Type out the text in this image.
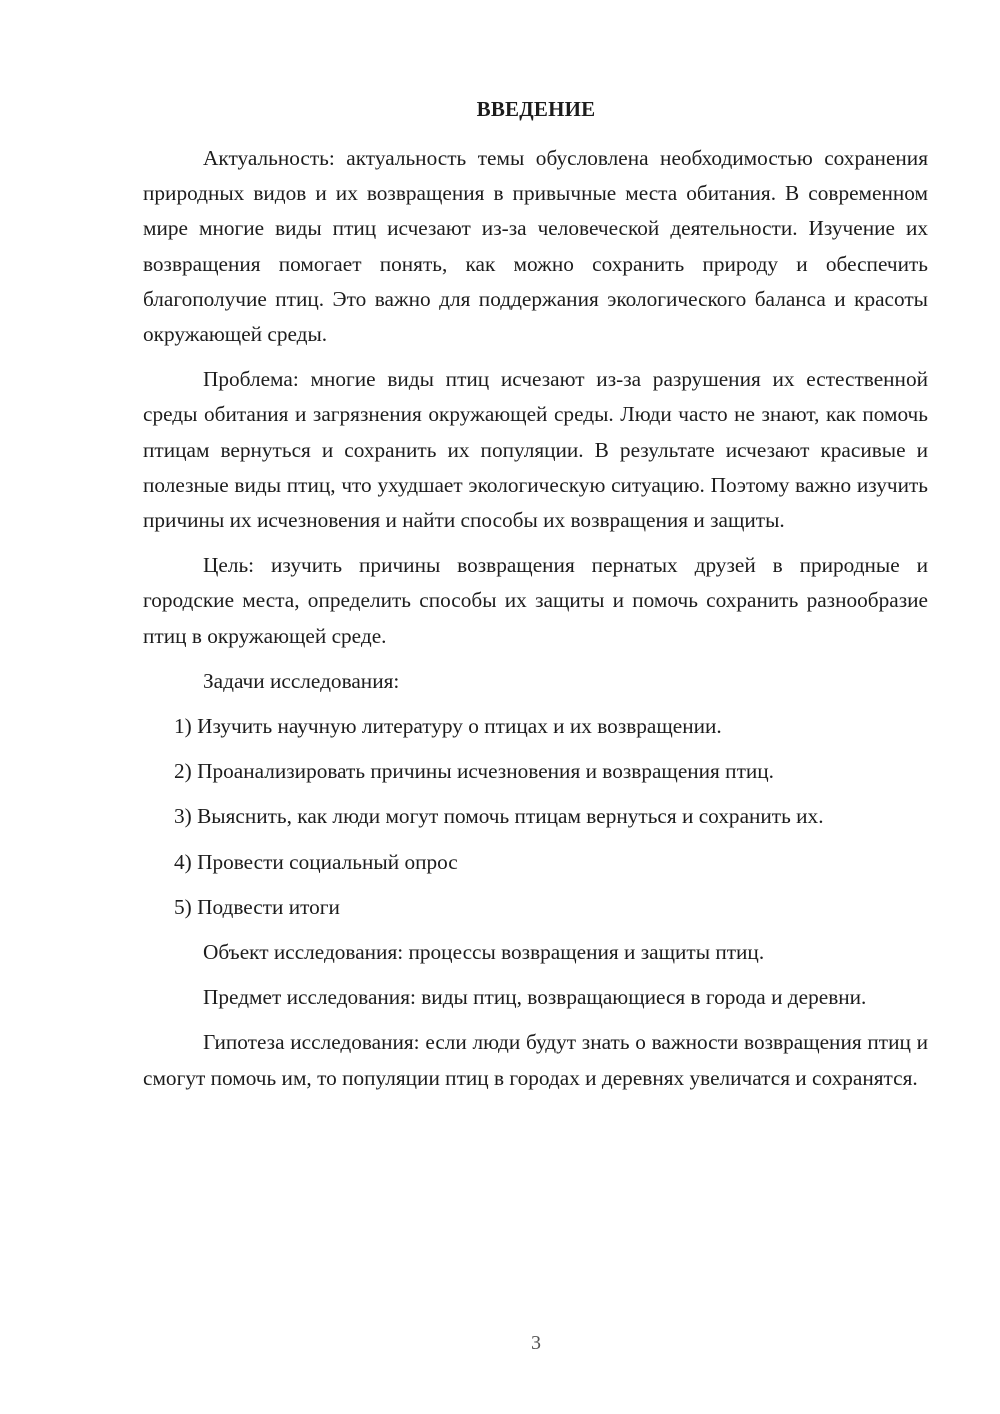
ВВЕДЕНИЕ

Актуальность: актуальность темы обусловлена необходимостью сохранения природных видов и их возвращения в привычные места обитания. В современном мире многие виды птиц исчезают из-за человеческой деятельности. Изучение их возвращения помогает понять, как можно сохранить природу и обеспечить благополучие птиц. Это важно для поддержания экологического баланса и красоты окружающей среды.

Проблема: многие виды птиц исчезают из-за разрушения их естественной среды обитания и загрязнения окружающей среды. Люди часто не знают, как помочь птицам вернуться и сохранить их популяции. В результате исчезают красивые и полезные виды птиц, что ухудшает экологическую ситуацию. Поэтому важно изучить причины их исчезновения и найти способы их возвращения и защиты.

Цель: изучить причины возвращения пернатых друзей в природные и городские места, определить способы их защиты и помочь сохранить разнообразие птиц в окружающей среде.

Задачи исследования:

1) Изучить научную литературу о птицах и их возвращении.

2) Проанализировать причины исчезновения и возвращения птиц.

3) Выяснить, как люди могут помочь птицам вернуться и сохранить их.

4) Провести социальный опрос

5) Подвести итоги

Объект исследования: процессы возвращения и защиты птиц.

Предмет исследования: виды птиц, возвращающиеся в города и деревни.

Гипотеза исследования: если люди будут знать о важности возвращения птиц и смогут помочь им, то популяции птиц в городах и деревнях увеличатся и сохранятся.

3
